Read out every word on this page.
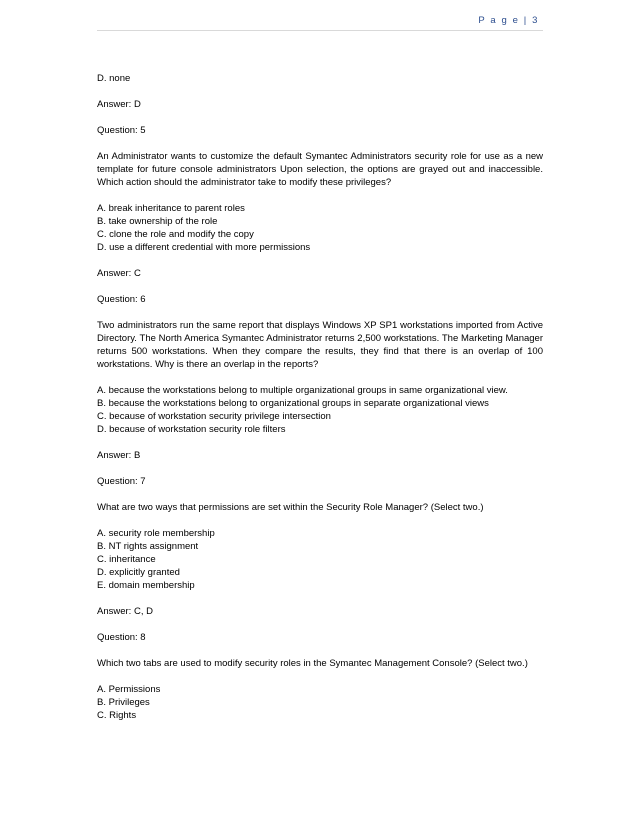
P a g e | 3
D. none
Answer: D
Question: 5
An Administrator wants to customize the default Symantec Administrators security role for use as a new template for future console administrators Upon selection, the options are grayed out and inaccessible. Which action should the administrator take to modify these privileges?
A. break inheritance to parent roles
B. take ownership of the role
C. clone the role and modify the copy
D. use a different credential with more permissions
Answer: C
Question: 6
Two administrators run the same report that displays Windows XP SP1 workstations imported from Active Directory. The North America Symantec Administrator returns 2,500 workstations. The Marketing Manager returns 500 workstations. When they compare the results, they find that there is an overlap of 100 workstations. Why is there an overlap in the reports?
A. because the workstations belong to multiple organizational groups in same organizational view.
B. because the workstations belong to organizational groups in separate organizational views
C. because of workstation security privilege intersection
D. because of workstation security role filters
Answer: B
Question: 7
What are two ways that permissions are set within the Security Role Manager? (Select two.)
A. security role membership
B. NT rights assignment
C. inheritance
D. explicitly granted
E. domain membership
Answer: C, D
Question: 8
Which two tabs are used to modify security roles in the Symantec Management Console? (Select two.)
A. Permissions
B. Privileges
C. Rights
